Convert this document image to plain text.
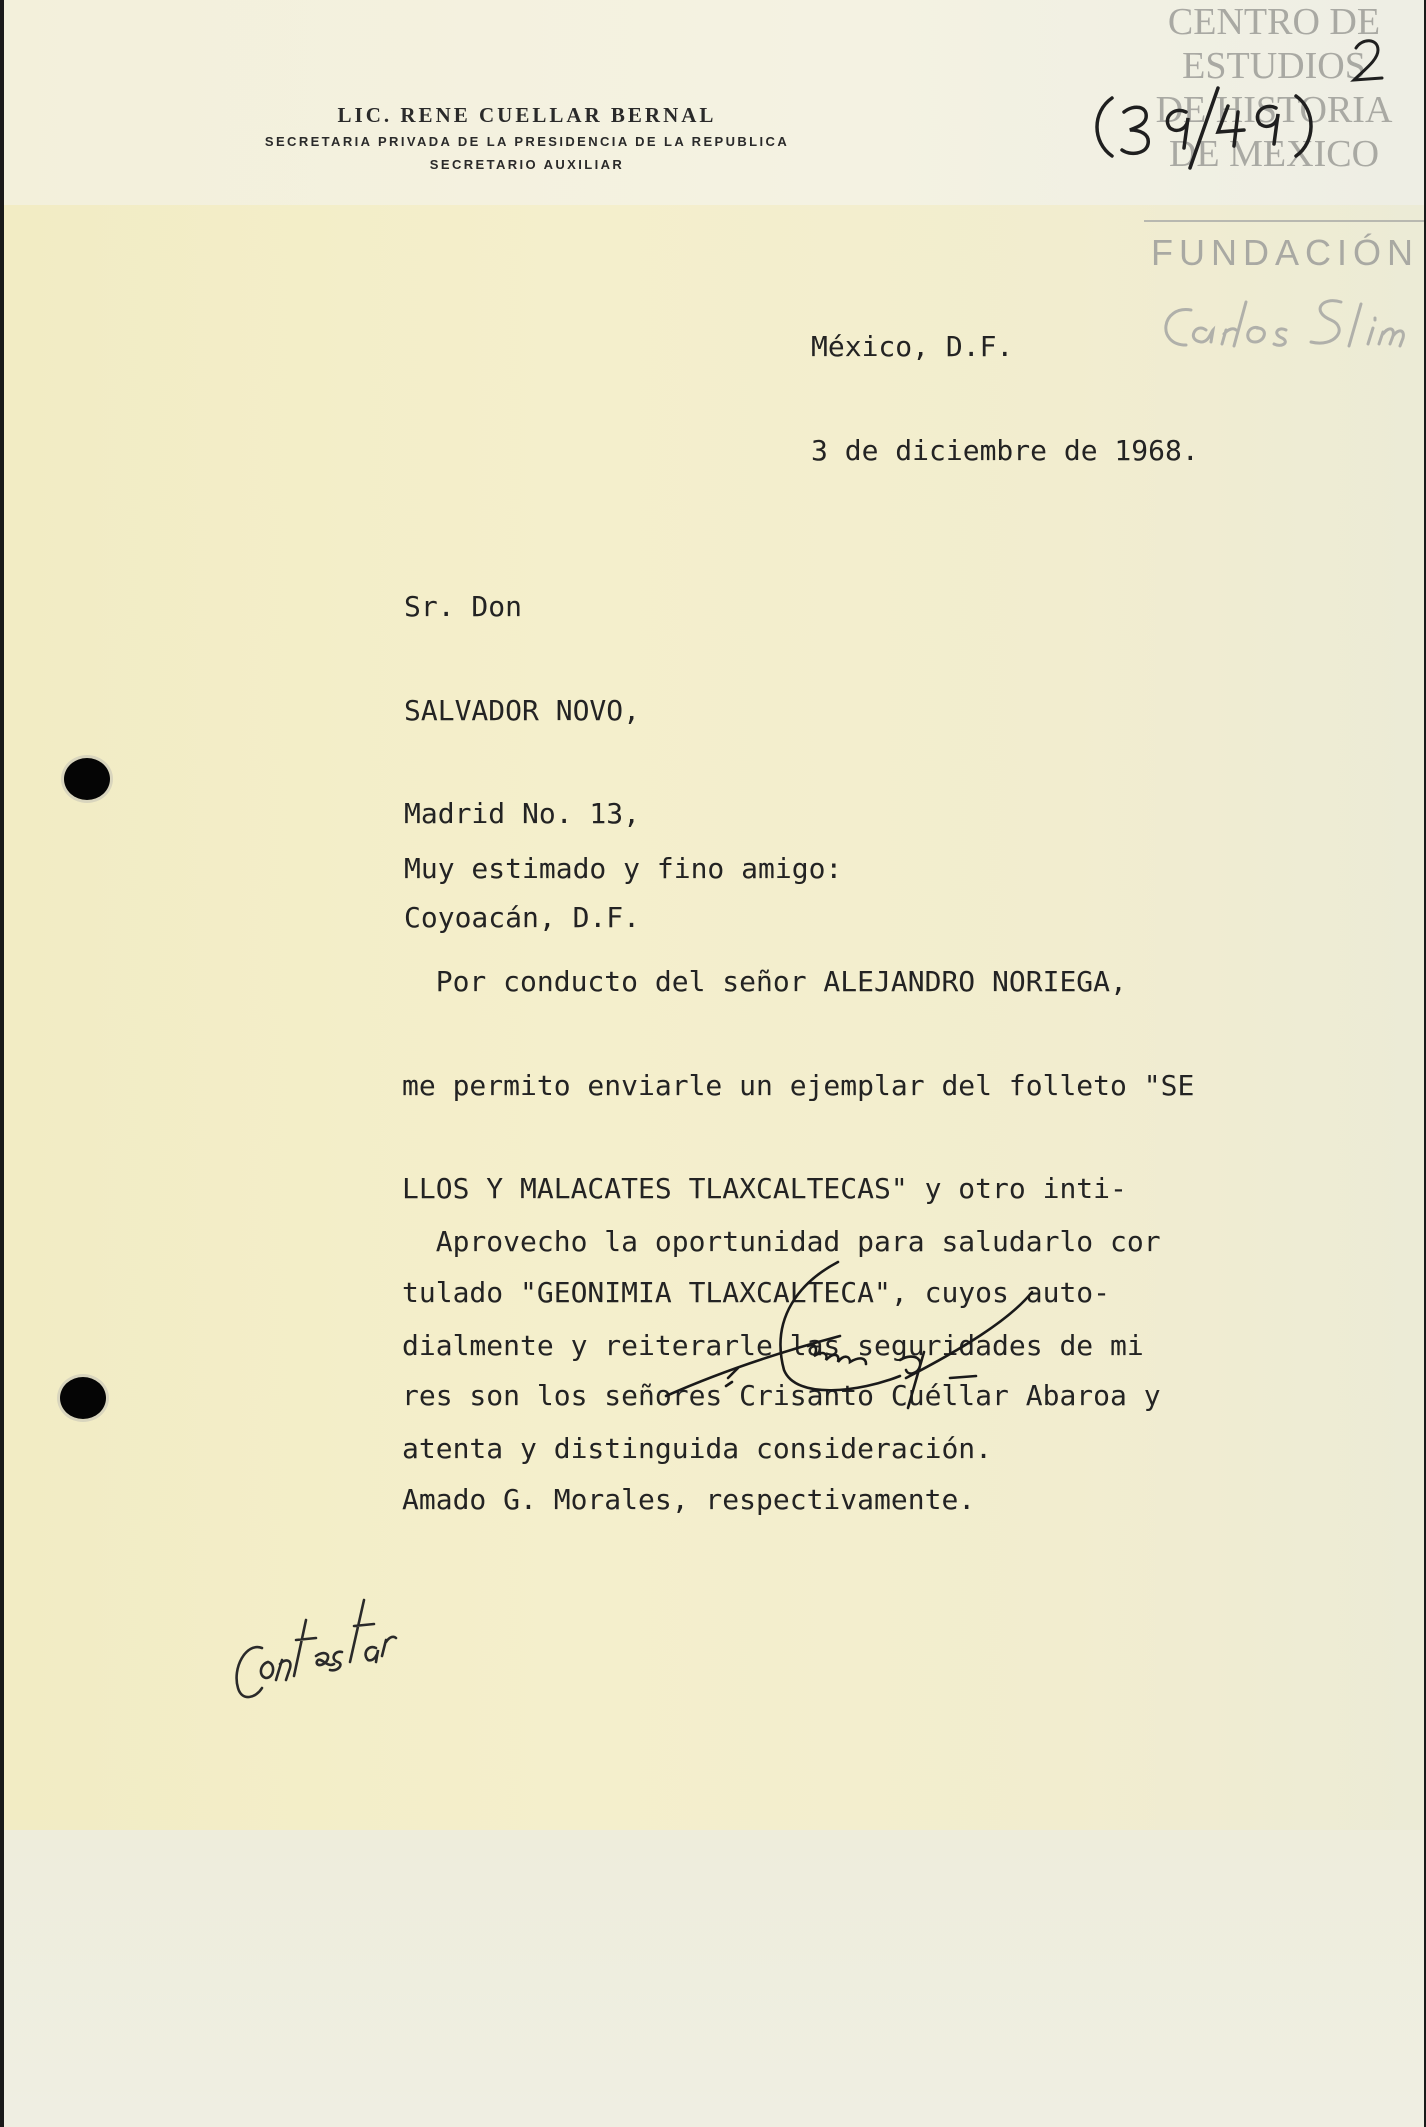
LIC. RENE CUELLAR BERNAL
SECRETARIA PRIVADA DE LA PRESIDENCIA DE LA REPUBLICA
SECRETARIO AUXILIAR
CENTRO DE
ESTUDIOS
DE HISTORIA
DE MEXICO
FUNDACIÓN

México, D.F.

3 de diciembre de 1968.

Sr. Don

SALVADOR NOVO,

Madrid No. 13,

Coyoacán, D.F.

Muy estimado y fino amigo:

Por conducto del señor ALEJANDRO NORIEGA,

me permito enviarle un ejemplar del folleto "SE

LLOS Y MALACATES TLAXCALTECAS" y otro inti-

tulado "GEONIMIA TLAXCALTECA", cuyos auto-

res son los señores Crisanto Cuéllar Abaroa y

Amado G. Morales, respectivamente.

Aprovecho la oportunidad para saludarlo cor

dialmente y reiterarle las seguridades de mi

atenta y distinguida consideración.
